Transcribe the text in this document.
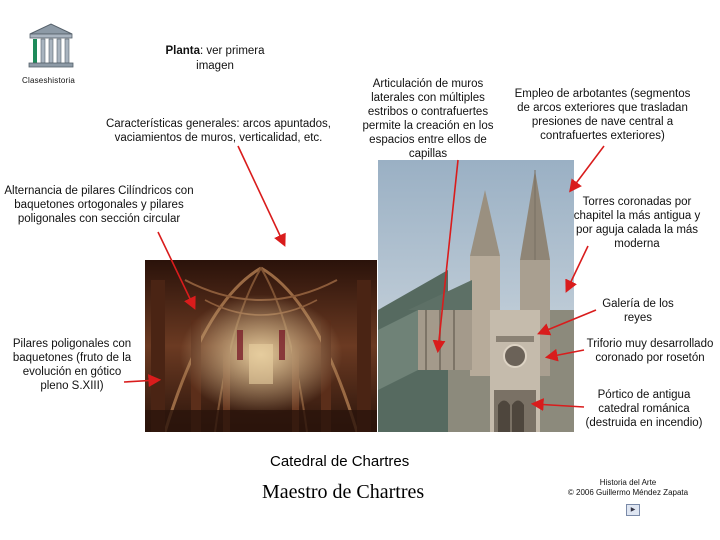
Claseshistoria
Planta: ver primera imagen
Características generales: arcos apuntados, vaciamientos de muros, verticalidad, etc.
Articulación de muros laterales con múltiples estribos o contrafuertes permite la creación en los espacios entre ellos de capillas
Empleo de arbotantes (segmentos de arcos exteriores que trasladan presiones de nave central a contrafuertes exteriores)
Alternancia de pilares Cilíndricos con baquetones ortogonales y pilares poligonales con sección circular
Torres coronadas por chapitel la más antigua y por aguja calada la más moderna
Galería de los reyes
Pilares poligonales con baquetones (fruto de la evolución en gótico pleno S.XIII)
Triforio muy desarrollado coronado por rosetón
Pórtico de antigua catedral románica (destruida en incendio)
Catedral de Chartres
Maestro de Chartres	Historia del Arte
© 2006 Guillermo Méndez Zapata
▶
